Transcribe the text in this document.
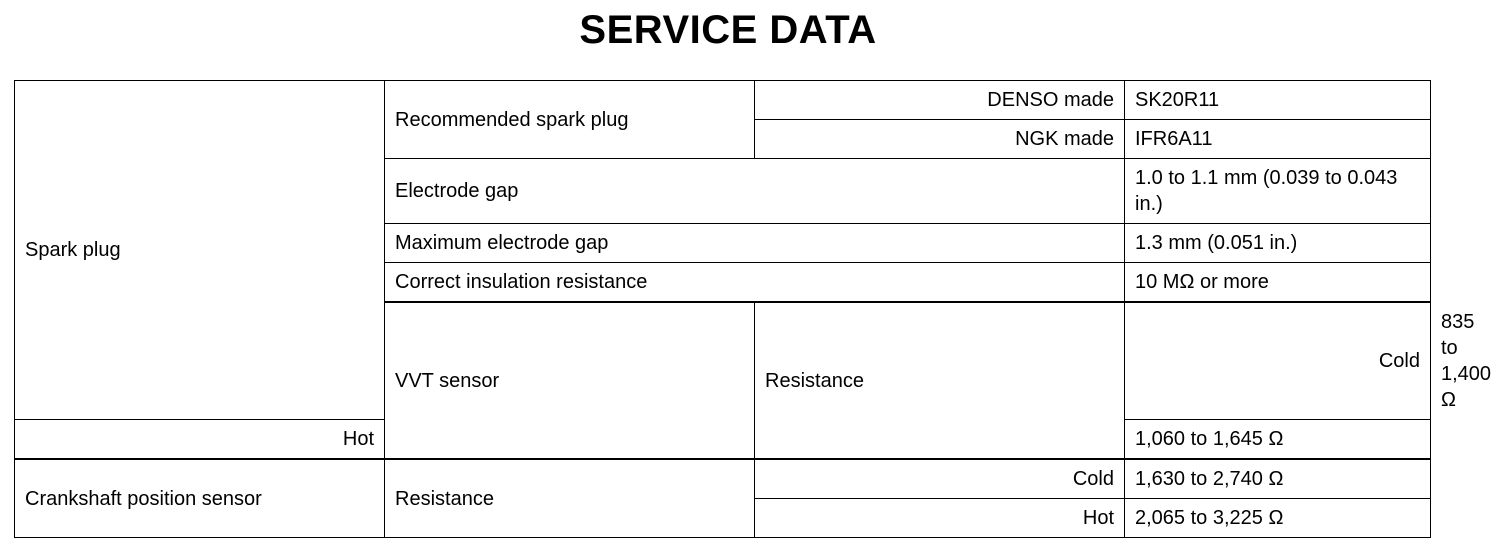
SERVICE DATA
Spark plug	Recommended spark plug	DENSO made	SK20R11	
		NGK made	IFR6A11	
	Electrode gap		1.0 to 1.1 mm (0.039 to 0.043 in.)	
	Maximum electrode gap		1.3 mm (0.051 in.)	
	Correct insulation resistance		10 MΩ or more	
	VVT sensor	Resistance	Cold	835 to 1,400 Ω
Hot			1,060 to 1,645 Ω	
Crankshaft position sensor	Resistance	Cold	1,630 to 2,740 Ω	
		Hot	2,065 to 3,225 Ω	
